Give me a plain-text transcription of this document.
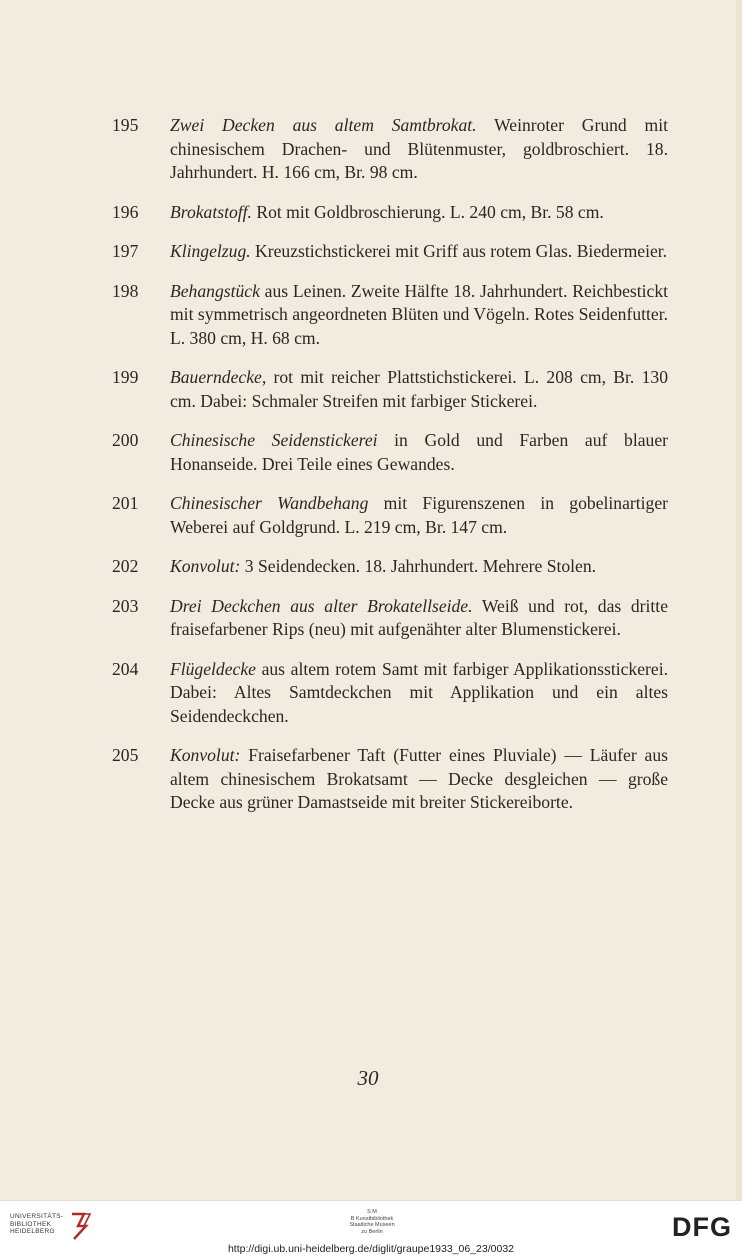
195 Zwei Decken aus altem Samtbrokat. Weinroter Grund mit chinesischem Drachen- und Blütenmuster, goldbroschiert. 18. Jahrhundert. H. 166 cm, Br. 98 cm.
196 Brokatstoff. Rot mit Goldbroschierung. L. 240 cm, Br. 58 cm.
197 Klingelzug. Kreuzstichstickerei mit Griff aus rotem Glas. Biedermeier.
198 Behangstück aus Leinen. Zweite Hälfte 18. Jahrhundert. Reichbestickt mit symmetrisch angeordneten Blüten und Vögeln. Rotes Seidenfutter. L. 380 cm, H. 68 cm.
199 Bauerndecke, rot mit reicher Plattstichstickerei. L. 208 cm, Br. 130 cm. Dabei: Schmaler Streifen mit farbiger Stickerei.
200 Chinesische Seidenstickerei in Gold und Farben auf blauer Honanseide. Drei Teile eines Gewandes.
201 Chinesischer Wandbehang mit Figurenszenen in gobelinartiger Weberei auf Goldgrund. L. 219 cm, Br. 147 cm.
202 Konvolut: 3 Seidendecken. 18. Jahrhundert. Mehrere Stolen.
203 Drei Deckchen aus alter Brokatellseide. Weiß und rot, das dritte fraisefarbener Rips (neu) mit aufgenähter alter Blumenstickerei.
204 Flügeldecke aus altem rotem Samt mit farbiger Applikationsstickerei. Dabei: Altes Samtdeckchen mit Applikation und ein altes Seidendeckchen.
205 Konvolut: Fraisefarbener Taft (Futter eines Pluviale) — Läufer aus altem chinesischem Brokatsamt — Decke desgleichen — große Decke aus grüner Damastseide mit breiter Stickereiborte.
30
UNIVERSITÄTS-
BIBLIOTHEK
HEIDELBERG
S M
B Kunstbibliothek
Staatliche Museen
zu Berlin	DFG
http://digi.ub.uni-heidelberg.de/diglit/graupe1933_06_23/0032
